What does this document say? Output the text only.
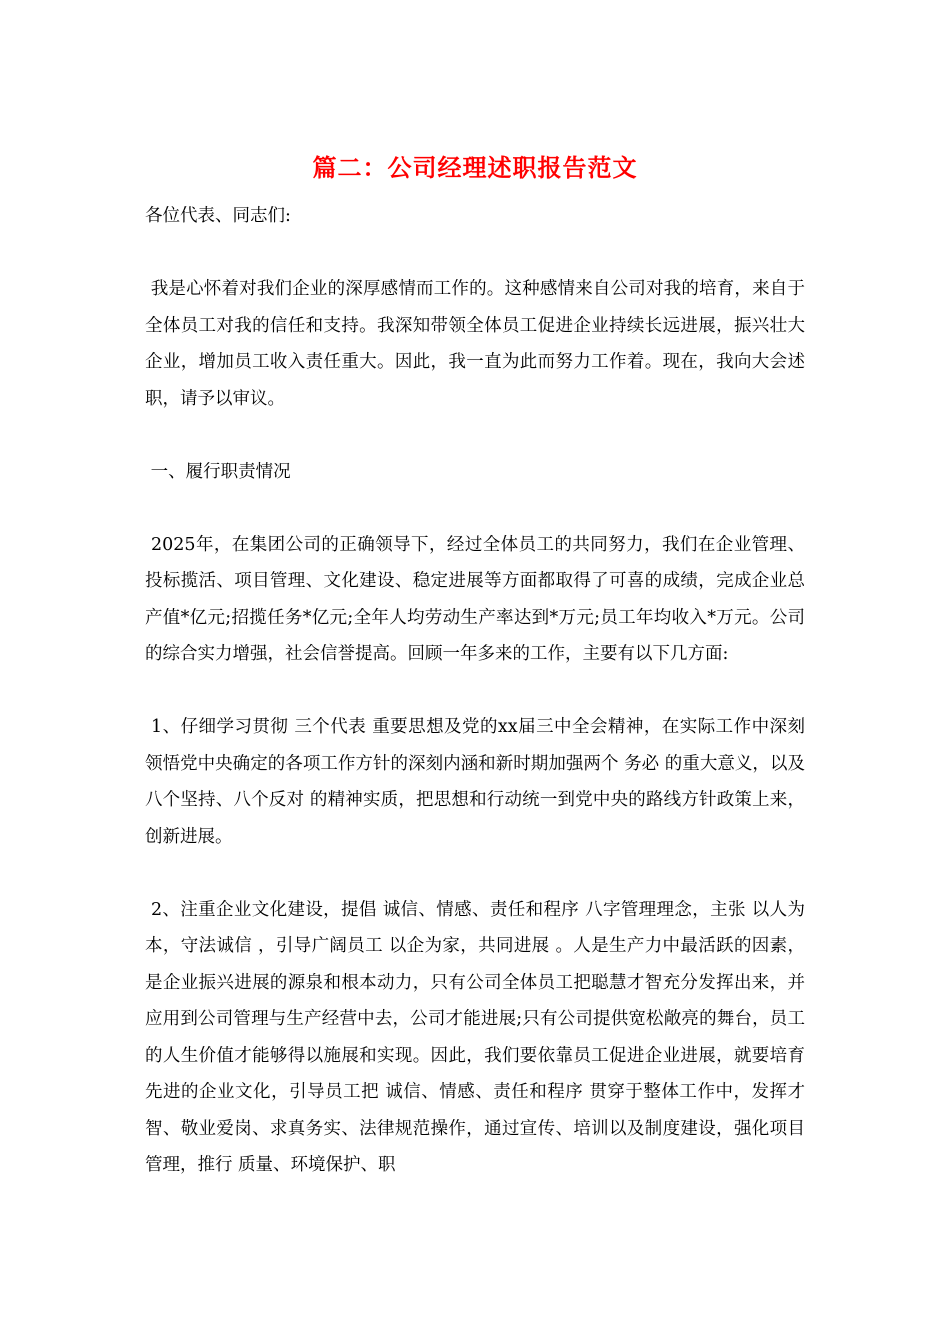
篇二：公司经理述职报告范文

各位代表、同志们:

我是心怀着对我们企业的深厚感情而工作的。这种感情来自公司对我的培育，来自于全体员工对我的信任和支持。我深知带领全体员工促进企业持续长远进展，振兴壮大企业，增加员工收入责任重大。因此，我一直为此而努力工作着。现在，我向大会述职，请予以审议。

一、履行职责情况

2025年，在集团公司的正确领导下，经过全体员工的共同努力，我们在企业管理、投标揽活、项目管理、文化建设、稳定进展等方面都取得了可喜的成绩，完成企业总产值*亿元;招揽任务*亿元;全年人均劳动生产率达到*万元;员工年均收入*万元。公司的综合实力增强，社会信誉提高。回顾一年多来的工作，主要有以下几方面:

1、仔细学习贯彻 三个代表 重要思想及党的xx届三中全会精神，在实际工作中深刻领悟党中央确定的各项工作方针的深刻内涵和新时期加强两个 务必 的重大意义，以及 八个坚持、八个反对 的精神实质，把思想和行动统一到党中央的路线方针政策上来，创新进展。

2、注重企业文化建设，提倡 诚信、情感、责任和程序 八字管理理念，主张 以人为本，守法诚信 ，引导广阔员工 以企为家，共同进展 。人是生产力中最活跃的因素，是企业振兴进展的源泉和根本动力，只有公司全体员工把聪慧才智充分发挥出来，并应用到公司管理与生产经营中去，公司才能进展;只有公司提供宽松敞亮的舞台，员工的人生价值才能够得以施展和实现。因此，我们要依靠员工促进企业进展，就要培育先进的企业文化，引导员工把 诚信、情感、责任和程序 贯穿于整体工作中，发挥才智、敬业爱岗、求真务实、法律规范操作，通过宣传、培训以及制度建设，强化项目管理，推行 质量、环境保护、职
